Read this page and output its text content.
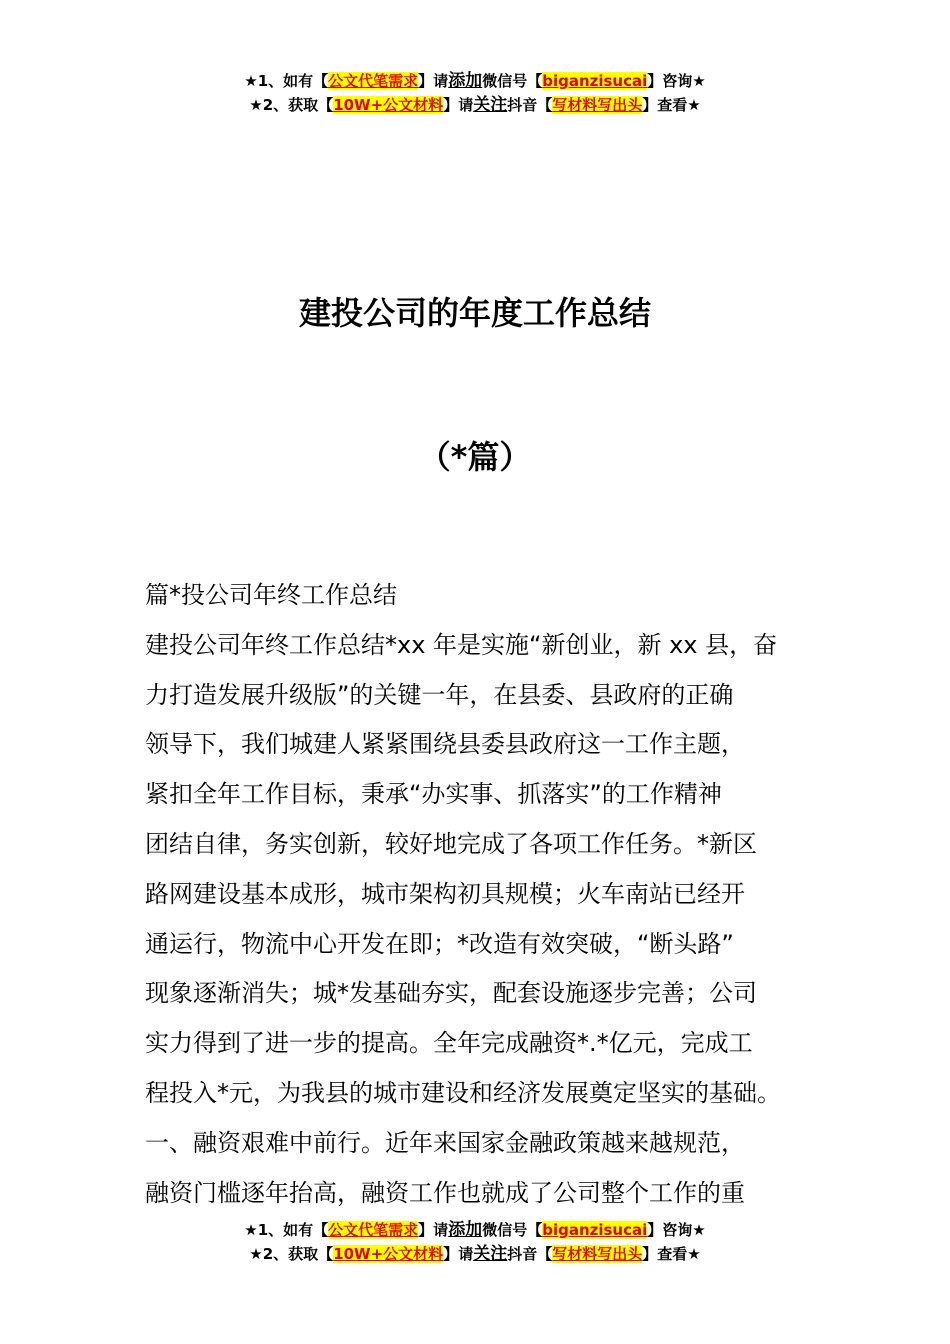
★1、如有【公文代笔需求】请添加微信号【biganzisucai】咨询★
★2、获取【10W+公文材料】请关注抖音【写材料写出头】查看★
建投公司的年度工作总结
（*篇）
篇*投公司年终工作总结
建投公司年终工作总结*xx 年是实施“新创业，新 xx 县，奋
力打造发展升级版”的关键一年，在县委、县政府的正确
领导下，我们城建人紧紧围绕县委县政府这一工作主题，
紧扣全年工作目标，秉承“办实事、抓落实”的工作精神
团结自律，务实创新，较好地完成了各项工作任务。*新区
路网建设基本成形，城市架构初具规模；火车南站已经开
通运行，物流中心开发在即；*改造有效突破，“断头路”
现象逐渐消失；城*发基础夯实，配套设施逐步完善；公司
实力得到了进一步的提高。全年完成融资*.*亿元，完成工
程投入*元，为我县的城市建设和经济发展奠定坚实的基础。
一、融资艰难中前行。近年来国家金融政策越来越规范，
融资门槛逐年抬高，融资工作也就成了公司整个工作的重
★1、如有【公文代笔需求】请添加微信号【biganzisucai】咨询★
★2、获取【10W+公文材料】请关注抖音【写材料写出头】查看★
